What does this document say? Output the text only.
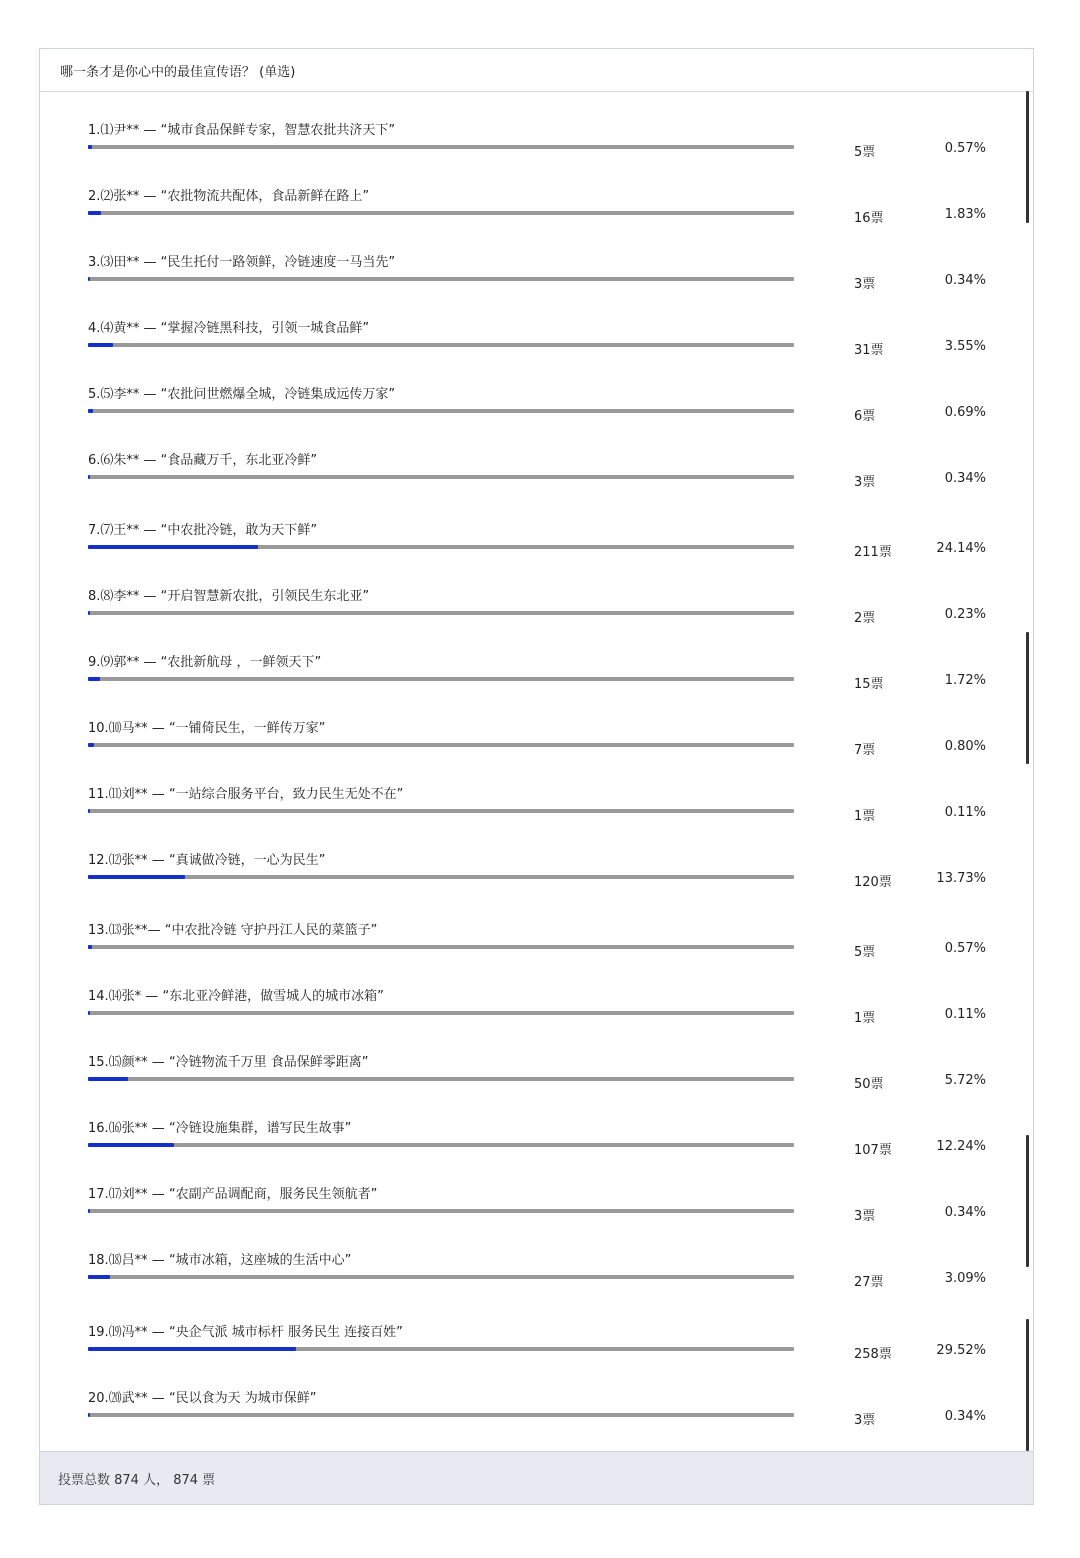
哪一条才是你心中的最佳宣传语？ (单选)
1.⑴尹** — “城市食品保鲜专家，智慧农批共济天下”
5票	0.57%
2.⑵张** — “农批物流共配体，食品新鲜在路上”
16票	1.83%
3.⑶田** — “民生托付一路领鲜，冷链速度一马当先”
3票	0.34%
4.⑷黄** — “掌握冷链黑科技，引领一城食品鲜”
31票	3.55%
5.⑸李** — “农批问世燃爆全城，冷链集成远传万家”
6票	0.69%
6.⑹朱** — “食品藏万千，东北亚冷鲜”
3票	0.34%
7.⑺王** — “中农批冷链，敢为天下鲜”
211票	24.14%
8.⑻李** — “开启智慧新农批，引领民生东北亚”
2票	0.23%
9.⑼郭** — “农批新航母 ，一鲜领天下”
15票	1.72%
10.⑽马** — “一铺倚民生，一鲜传万家”
7票	0.80%
11.⑾刘** — “一站综合服务平台，致力民生无处不在”
1票	0.11%
12.⑿张** — “真诚做冷链，一心为民生”
120票	13.73%
13.⒀张**— “中农批冷链 守护丹江人民的菜篮子”
5票	0.57%
14.⒁张* — “东北亚冷鲜港，做雪城人的城市冰箱”
1票	0.11%
15.⒂颜** — “冷链物流千万里 食品保鲜零距离”
50票	5.72%
16.⒃张** — “冷链设施集群，谱写民生故事”
107票	12.24%
17.⒄刘** — “农副产品调配商，服务民生领航者”
3票	0.34%
18.⒅吕** — “城市冰箱，这座城的生活中心”
27票	3.09%
19.⒆冯** — “央企气派 城市标杆 服务民生 连接百姓”
258票	29.52%
20.⒇武** — “民以食为天 为城市保鲜”
3票	0.34%
投票总数 874 人， 874 票
